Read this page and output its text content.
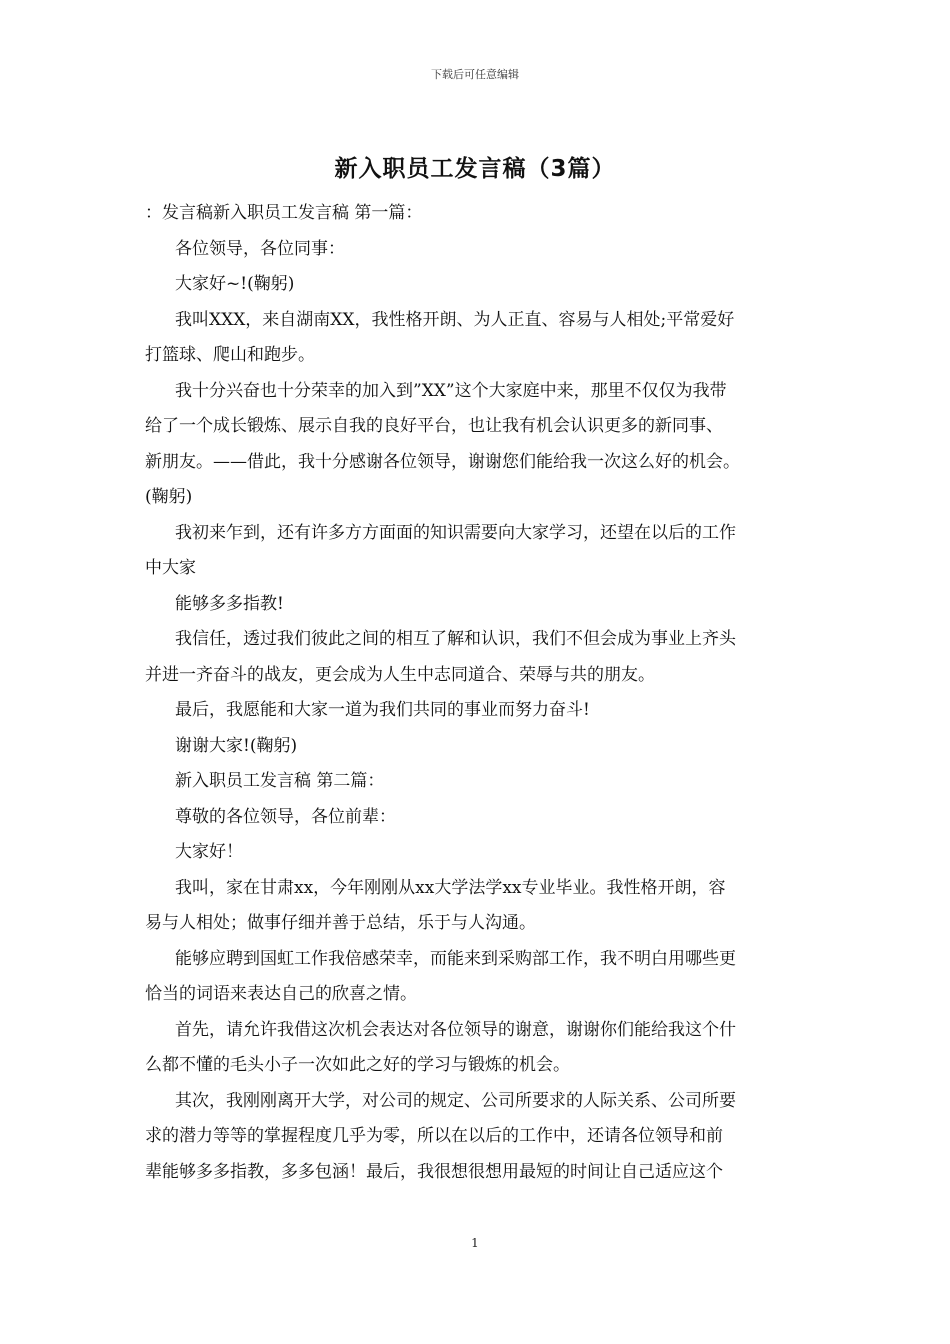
下载后可任意编辑
新入职员工发言稿（3篇）

：发言稿新入职员工发言稿 第一篇：

各位领导，各位同事：

大家好~!(鞠躬)

我叫XXX，来自湖南XX，我性格开朗、为人正直、容易与人相处;平常爱好

打篮球、爬山和跑步。

我十分兴奋也十分荣幸的加入到”XX”这个大家庭中来，那里不仅仅为我带

给了一个成长锻炼、展示自我的良好平台，也让我有机会认识更多的新同事、

新朋友。——借此，我十分感谢各位领导，谢谢您们能给我一次这么好的机会。

(鞠躬)

我初来乍到，还有许多方方面面的知识需要向大家学习，还望在以后的工作

中大家

能够多多指教!

我信任，透过我们彼此之间的相互了解和认识，我们不但会成为事业上齐头

并进一齐奋斗的战友，更会成为人生中志同道合、荣辱与共的朋友。

最后，我愿能和大家一道为我们共同的事业而努力奋斗!

谢谢大家!(鞠躬)

新入职员工发言稿 第二篇：

尊敬的各位领导，各位前辈：

大家好！

我叫，家在甘肃xx，今年刚刚从xx大学法学xx专业毕业。我性格开朗，容

易与人相处；做事仔细并善于总结，乐于与人沟通。

能够应聘到国虹工作我倍感荣幸，而能来到采购部工作，我不明白用哪些更

恰当的词语来表达自己的欣喜之情。

首先，请允许我借这次机会表达对各位领导的谢意，谢谢你们能给我这个什

么都不懂的毛头小子一次如此之好的学习与锻炼的机会。

其次，我刚刚离开大学，对公司的规定、公司所要求的人际关系、公司所要

求的潜力等等的掌握程度几乎为零，所以在以后的工作中，还请各位领导和前

辈能够多多指教，多多包涵！最后，我很想很想用最短的时间让自己适应这个

1
